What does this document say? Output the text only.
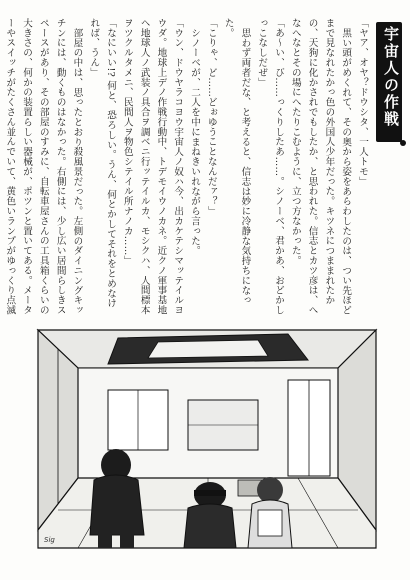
宇宙人の作戦

「ヤア、オヤ？ドウシタ、一人トモ」

黒い頭がめくれて、その奥から姿をあらわしたのは、つい先ほどまで見なれたかっ色の外国人少年だった。キツネにつままれたかの、天狗に化かされでもしたか、と思われた。信志とカツ彦は、へなへなとその場にへたりこむように、立つ方なかった。

「あ〜い、び……っくりしたあ……。シノーベ、君かあ、おどかしっこなしだぜ」

思わず両者だな、と考えると、信志は妙に冷静な気持ちになった。

「こりゃ、ど……どぉゆうことなんだァ？」

シノーベが、二人を中にまねきいれながら言った。

「ウン、ドウヤラコヨウ宇宙人ノ奴ハ今、出カケテシマッテイルヨウダ。地球上デノ作戦行動中、トデモイウノカネ。近クノ軍事基地ヘ地球人ノ武装ノ具合ヲ調ベニ行ッテイルカ、モシクハ、人間標本ヲツクルタメニ、民間人ヲ物色シテイル所ナノカ……」

「なにいい!? 何と、恐ろしい。うん、何とかしてそれをとめなければ、うん」

部屋の中は、思ったとおり殺風景だった。左側のダイニングキッチンには、動くものはなかった。右側には、少し広い居間らしきスペースがあり、その部屋のすみに、自転車屋さんの工具箱くらいの大きさの、何かの装置らしい器械が、ポツンと置いてある。メーターやスイッチがたくさん並んでいて、黄色いランプがゆっくり点滅

Sig
